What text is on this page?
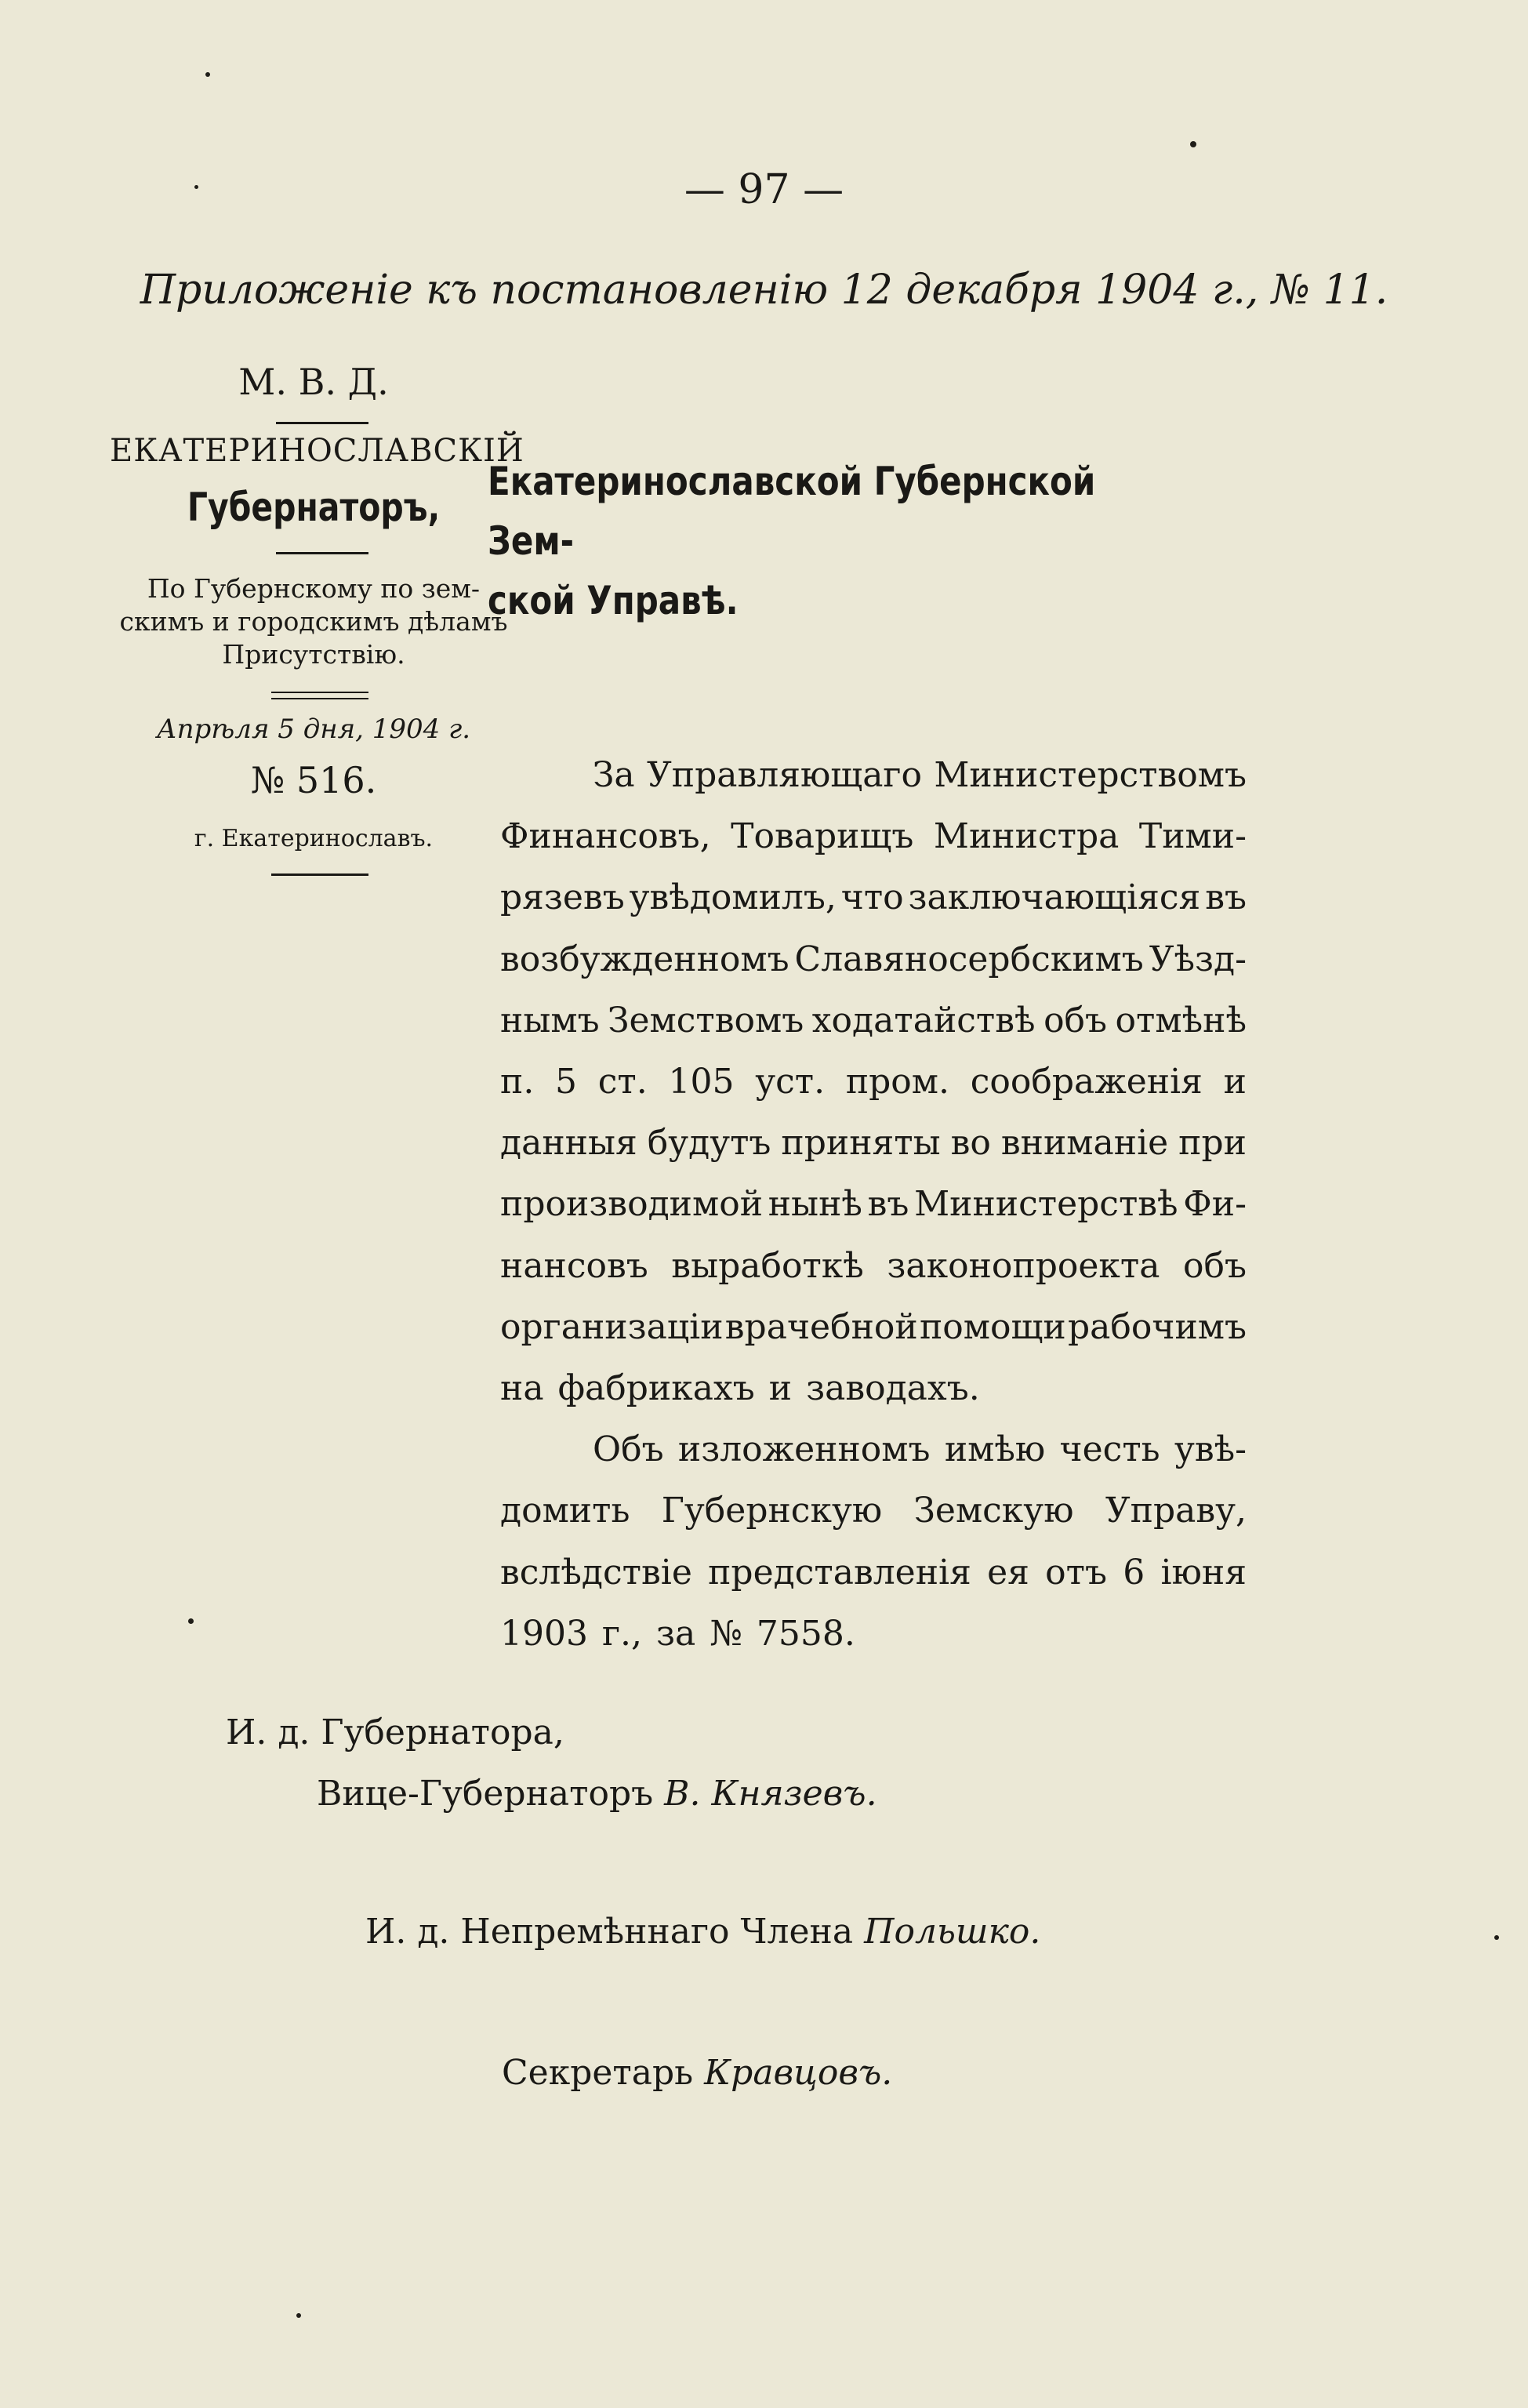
— 97 —
Приложенiе къ постановленiю 12 декабря 1904 г., № 11.
М. В. Д.
ЕКАТЕРИНОСЛАВСКIЙ
Губернаторъ,
По Губернскому по зем-
скимъ и городскимъ дѣламъ
Присутствiю.
Апрѣля 5 дня, 1904 г.
№ 516.
г. Екатеринославъ.
Екатеринославской Губернской Зем-
ской Управѣ.
За Управляющаго Министерствомъ
Финансовъ, Товарищъ Министра Тими-
рязевъ увѣдомилъ, что заключающiяся въ
возбужденномъ Славяносербскимъ Уѣзд-
нымъ Земствомъ ходатайствѣ объ отмѣнѣ
п. 5 ст. 105 уст. пром. соображенiя и
данныя будутъ приняты во вниманiе при
производимой нынѣ въ Министерствѣ Фи-
нансовъ выработкѣ законопроекта объ
организацiи врачебной помощи рабочимъ
на фабрикахъ и заводахъ.
Объ изложенномъ имѣю честь увѣ-
домить Губернскую Земскую Управу,
вслѣдствiе представленiя ея отъ 6 iюня
1903 г., за № 7558.
И. д. Губернатора,
Вице-Губернаторъ В. Князевъ.
И. д. Непремѣннаго Члена Польшко.
Секретарь Кравцовъ.
